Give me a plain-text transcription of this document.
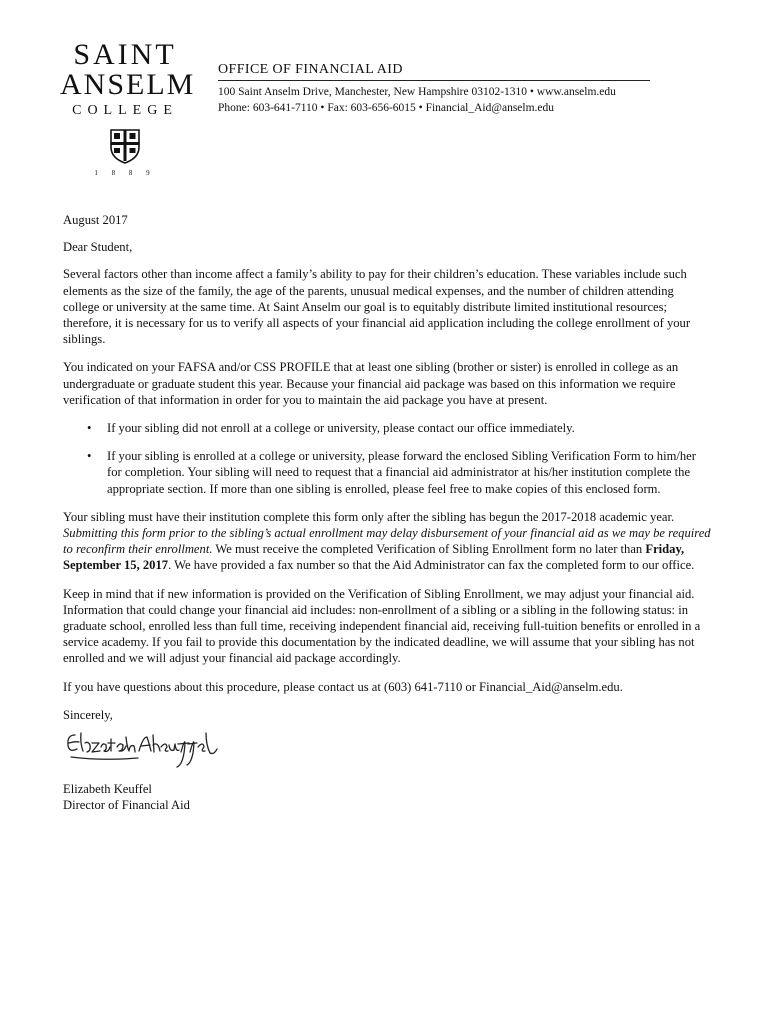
SAINT
ANSELM
COLLEGE
1 8 8 9
OFFICE OF FINANCIAL AID
100 Saint Anselm Drive, Manchester, New Hampshire 03102-1310 • www.anselm.edu
Phone: 603-641-7110 • Fax: 603-656-6015 • Financial_Aid@anselm.edu

August 2017

Dear Student,

Several factors other than income affect a family’s ability to pay for their children’s education. These variables include such elements as the size of the family, the age of the parents, unusual medical expenses, and the number of children attending college or university at the same time. At Saint Anselm our goal is to equitably distribute limited institutional resources; therefore, it is necessary for us to verify all aspects of your financial aid application including the college enrollment of your siblings.

You indicated on your FAFSA and/or CSS PROFILE that at least one sibling (brother or sister) is enrolled in college as an undergraduate or graduate student this year. Because your financial aid package was based on this information we require verification of that information in order for you to maintain the aid package you have at present.

• If your sibling did not enroll at a college or university, please contact our office immediately.
• If your sibling is enrolled at a college or university, please forward the enclosed Sibling Verification Form to him/her for completion. Your sibling will need to request that a financial aid administrator at his/her institution complete the appropriate section. If more than one sibling is enrolled, please feel free to make copies of this enclosed form.

Your sibling must have their institution complete this form only after the sibling has begun the 2017-2018 academic year. Submitting this form prior to the sibling’s actual enrollment may delay disbursement of your financial aid as we may be required to reconfirm their enrollment. We must receive the completed Verification of Sibling Enrollment form no later than Friday, September 15, 2017. We have provided a fax number so that the Aid Administrator can fax the completed form to our office.

Keep in mind that if new information is provided on the Verification of Sibling Enrollment, we may adjust your financial aid. Information that could change your financial aid includes: non-enrollment of a sibling or a sibling in the following status: in graduate school, enrolled less than full time, receiving independent financial aid, receiving full-tuition benefits or enrolled in a service academy. If you fail to provide this documentation by the indicated deadline, we will assume that your sibling has not enrolled and we will adjust your financial aid package accordingly.

If you have questions about this procedure, please contact us at (603) 641-7110 or Financial_Aid@anselm.edu.

Sincerely,

Elizabeth Keuffel

Director of Financial Aid
